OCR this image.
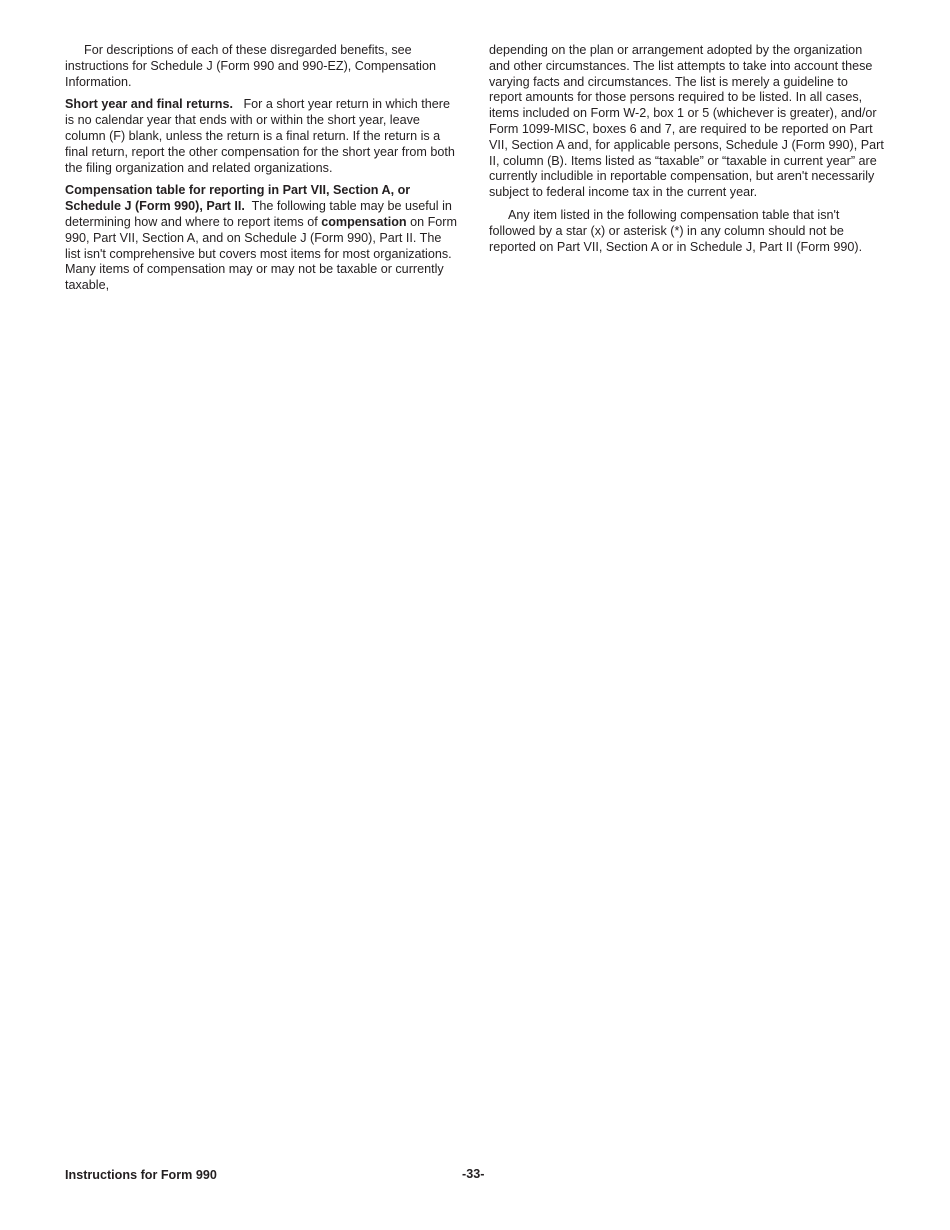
For descriptions of each of these disregarded benefits, see instructions for Schedule J (Form 990 and 990-EZ), Compensation Information.

Short year and final returns. For a short year return in which there is no calendar year that ends with or within the short year, leave column (F) blank, unless the return is a final return. If the return is a final return, report the other compensation for the short year from both the filing organization and related organizations.

Compensation table for reporting in Part VII, Section A, or Schedule J (Form 990), Part II. The following table may be useful in determining how and where to report items of compensation on Form 990, Part VII, Section A, and on Schedule J (Form 990), Part II. The list isn't comprehensive but covers most items for most organizations. Many items of compensation may or may not be taxable or currently taxable,

depending on the plan or arrangement adopted by the organization and other circumstances. The list attempts to take into account these varying facts and circumstances. The list is merely a guideline to report amounts for those persons required to be listed. In all cases, items included on Form W-2, box 1 or 5 (whichever is greater), and/or Form 1099-MISC, boxes 6 and 7, are required to be reported on Part VII, Section A and, for applicable persons, Schedule J (Form 990), Part II, column (B). Items listed as “taxable” or “taxable in current year” are currently includible in reportable compensation, but aren't necessarily subject to federal income tax in the current year.

Any item listed in the following compensation table that isn't followed by a star (x) or asterisk (*) in any column should not be reported on Part VII, Section A or in Schedule J, Part II (Form 990).

Instructions for Form 990	-33-
